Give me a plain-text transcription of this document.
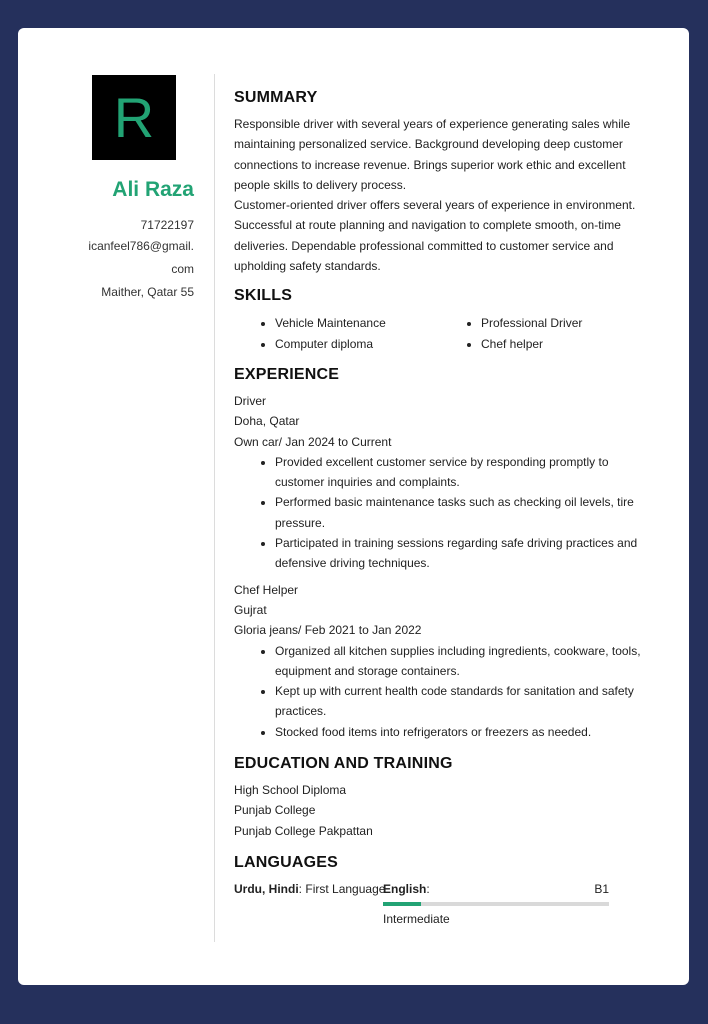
R
Ali Raza
71722197
icanfeel786@gmail.
com
Maither, Qatar 55
SUMMARY

Responsible driver with several years of experience generating sales while maintaining personalized service. Background developing deep customer connections to increase revenue. Brings superior work ethic and excellent people skills to delivery process.

Customer-oriented driver offers several years of experience in environment. Successful at route planning and navigation to complete smooth, on-time deliveries. Dependable professional committed to customer service and upholding safety standards.

SKILLS
• Vehicle Maintenance
• Computer diploma
• Professional Driver
• Chef helper
EXPERIENCE

Driver

Doha, Qatar

Own car/ Jan 2024 to Current

• Provided excellent customer service by responding promptly to customer inquiries and complaints.
• Performed basic maintenance tasks such as checking oil levels, tire pressure.
• Participated in training sessions regarding safe driving practices and defensive driving techniques.

Chef Helper

Gujrat

Gloria jeans/ Feb 2021 to Jan 2022

• Organized all kitchen supplies including ingredients, cookware, tools, equipment and storage containers.
• Kept up with current health code standards for sanitation and safety practices.
• Stocked food items into refrigerators or freezers as needed.
EDUCATION AND TRAINING

High School Diploma

Punjab College

Punjab College Pakpattan

LANGUAGES
Urdu, Hindi: First Language
English:	B1
Intermediate
